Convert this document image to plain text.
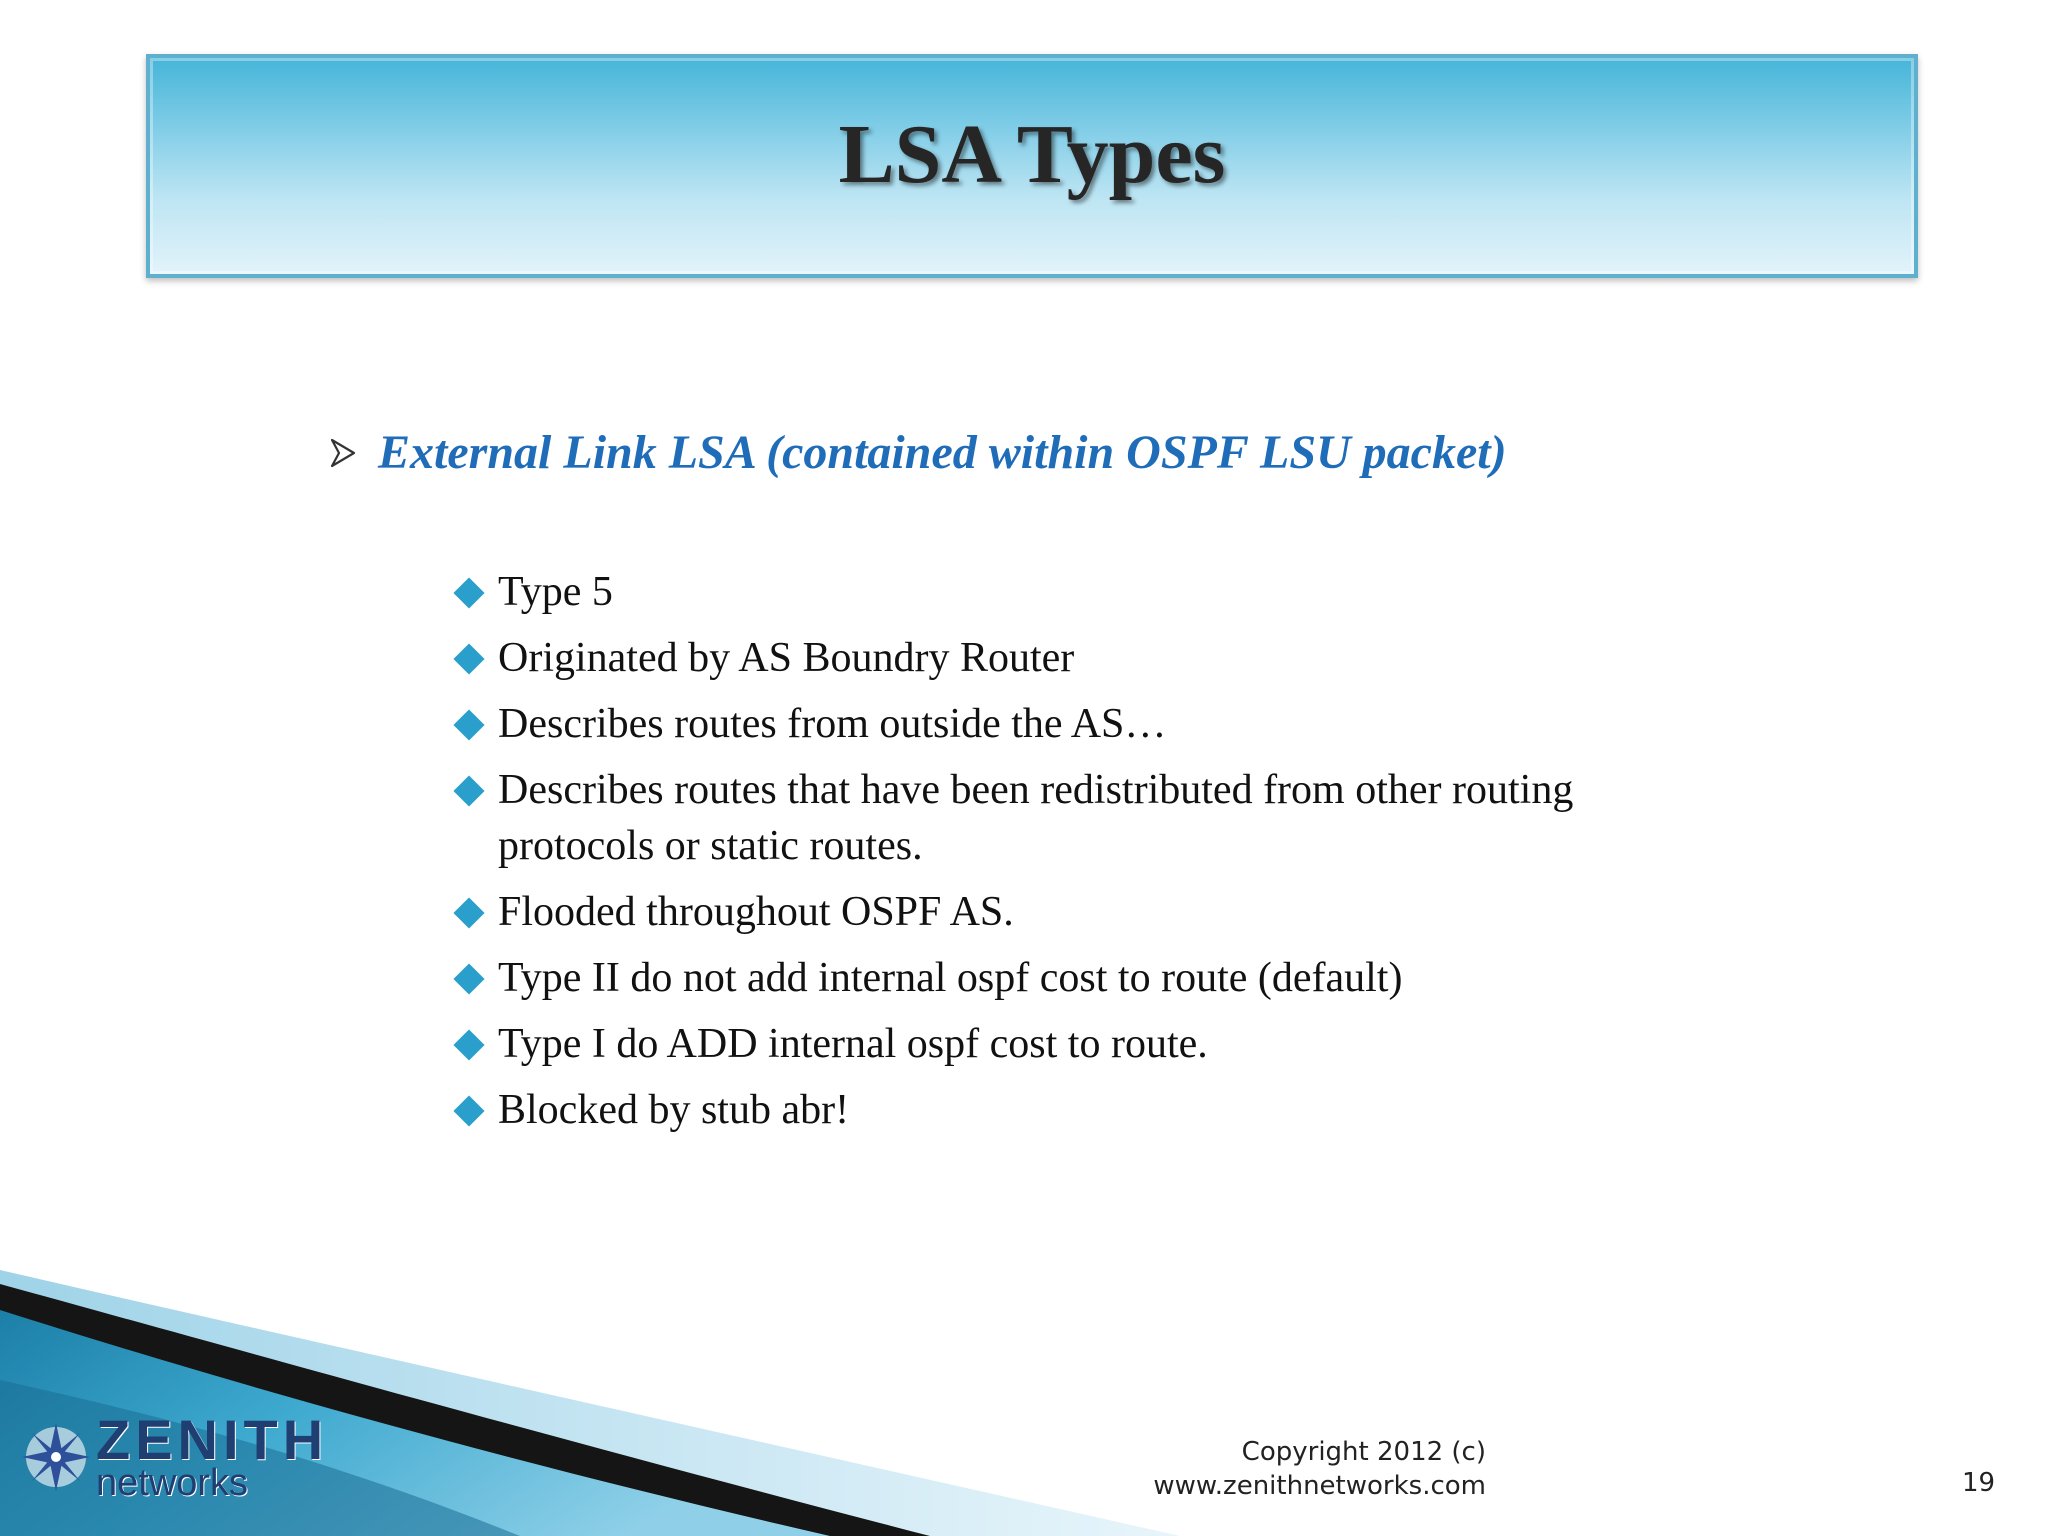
LSA Types
External Link LSA (contained within OSPF LSU packet)
Type 5
Originated by AS Boundry Router
Describes routes from outside the AS…
Describes routes that have been redistributed from other routing protocols or static routes.
Flooded throughout OSPF AS.
Type II do not add internal ospf cost to route (default)
Type I do ADD internal ospf cost to route.
Blocked by stub abr!
ZENITH
networks
Copyright 2012 (c)
www.zenithnetworks.com	19
